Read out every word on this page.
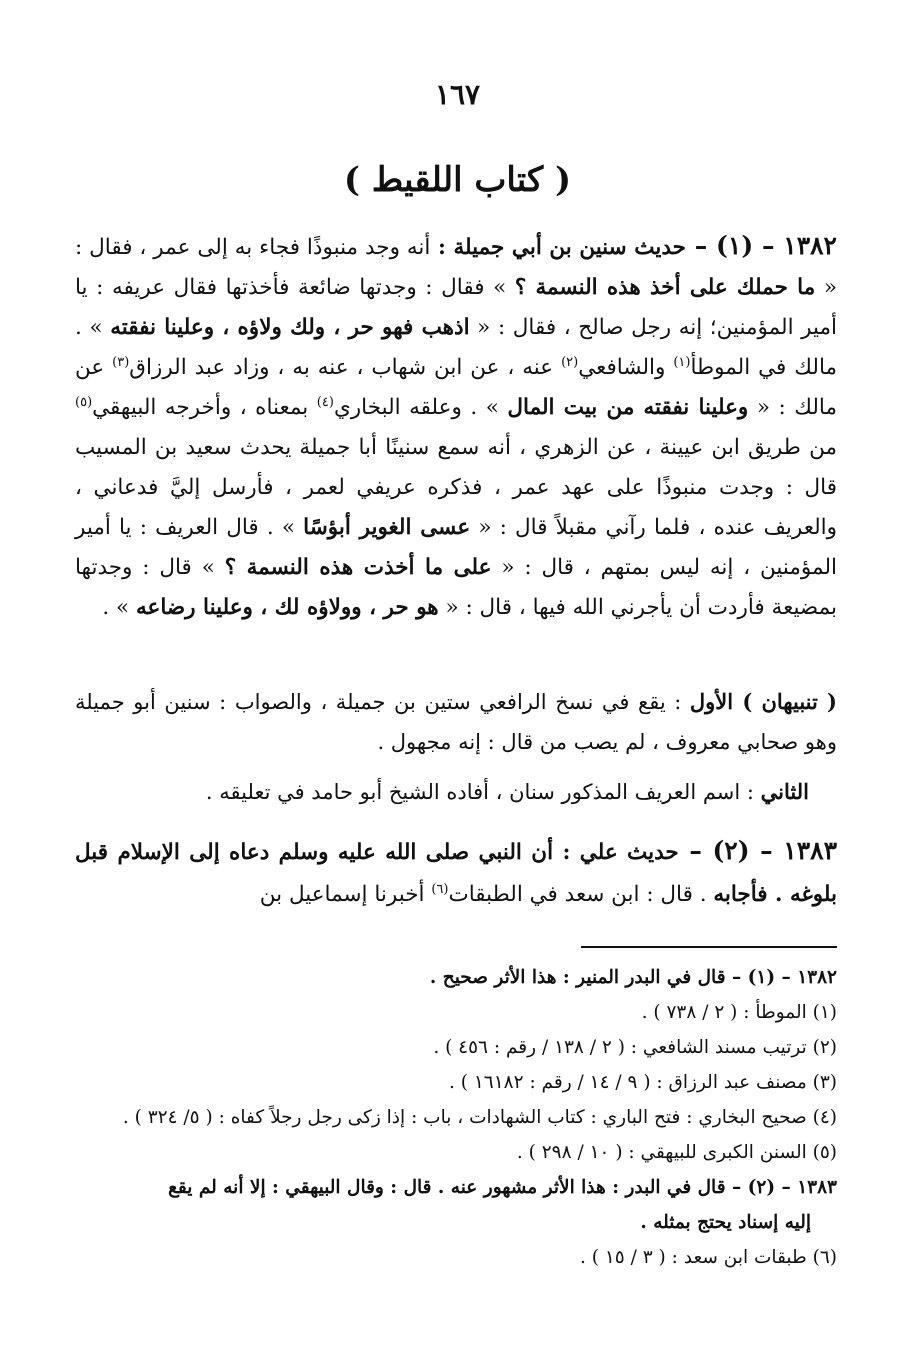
١٦٧
( كتاب اللقيط )

١٣٨٢ – (١) – حديث سنين بن أبي جميلة : أنه وجد منبوذًا فجاء به إلى عمر ، فقال : « ما حملك على أخذ هذه النسمة ؟ » فقال : وجدتها ضائعة فأخذتها فقال عريفه : يا أمير المؤمنين؛ إنه رجل صالح ، فقال : « اذهب فهو حر ، ولك ولاؤه ، وعلينا نفقته » . مالك في الموطأ$^{(١)}$ والشافعي$^{(٢)}$ عنه ، عن ابن شهاب ، عنه به ، وزاد عبد الرزاق$^{(٣)}$ عن مالك : « وعلينا نفقته من بيت المال » . وعلقه البخاري$^{(٤)}$ بمعناه ، وأخرجه البيهقي$^{(٥)}$ من طريق ابن عيينة ، عن الزهري ، أنه سمع سنينًا أبا جميلة يحدث سعيد بن المسيب قال : وجدت منبوذًا على عهد عمر ، فذكره عريفي لعمر ، فأرسل إليَّ فدعاني ، والعريف عنده ، فلما رآني مقبلاً قال : « عسى الغوير أبؤسًا » . قال العريف : يا أمير المؤمنين ، إنه ليس بمتهم ، قال : « على ما أخذت هذه النسمة ؟ » قال : وجدتها بمضيعة فأردت أن يأجرني الله فيها ، قال : « هو حر ، وولاؤه لك ، وعلينا رضاعه » .

( تنبيهان ) الأول : يقع في نسخ الرافعي ستين بن جميلة ، والصواب : سنين أبو جميلة وهو صحابي معروف ، لم يصب من قال : إنه مجهول .
الثاني : اسم العريف المذكور سنان ، أفاده الشيخ أبو حامد في تعليقه .
١٣٨٣ – (٢) – حديث علي : أن النبي صلى الله عليه وسلم دعاه إلى الإسلام قبل بلوغه . فأجابه . قال : ابن سعد في الطبقات$^{(٦)}$ أخبرنا إسماعيل بن
١٣٨٢ – (١) – قال في البدر المنير : هذا الأثر صحيح .
(١) الموطأ : ( ٢ / ٧٣٨ ) .
(٢) ترتيب مسند الشافعي : ( ٢ / ١٣٨ / رقم : ٤٥٦ ) .
(٣) مصنف عبد الرزاق : ( ٩ / ١٤ / رقم : ١٦١٨٢ ) .
(٤) صحيح البخاري : فتح الباري : كتاب الشهادات ، باب : إذا زكى رجل رجلاً كفاه : ( ٥/ ٣٢٤ ) .
(٥) السنن الكبرى للبيهقي : ( ١٠ / ٢٩٨ ) .
١٣٨٣ – (٢) – قال في البدر : هذا الأثر مشهور عنه . قال : وقال البيهقي : إلا أنه لم يقع
إليه إسناد يحتج بمثله .
(٦) طبقات ابن سعد : ( ٣ / ١٥ ) .
